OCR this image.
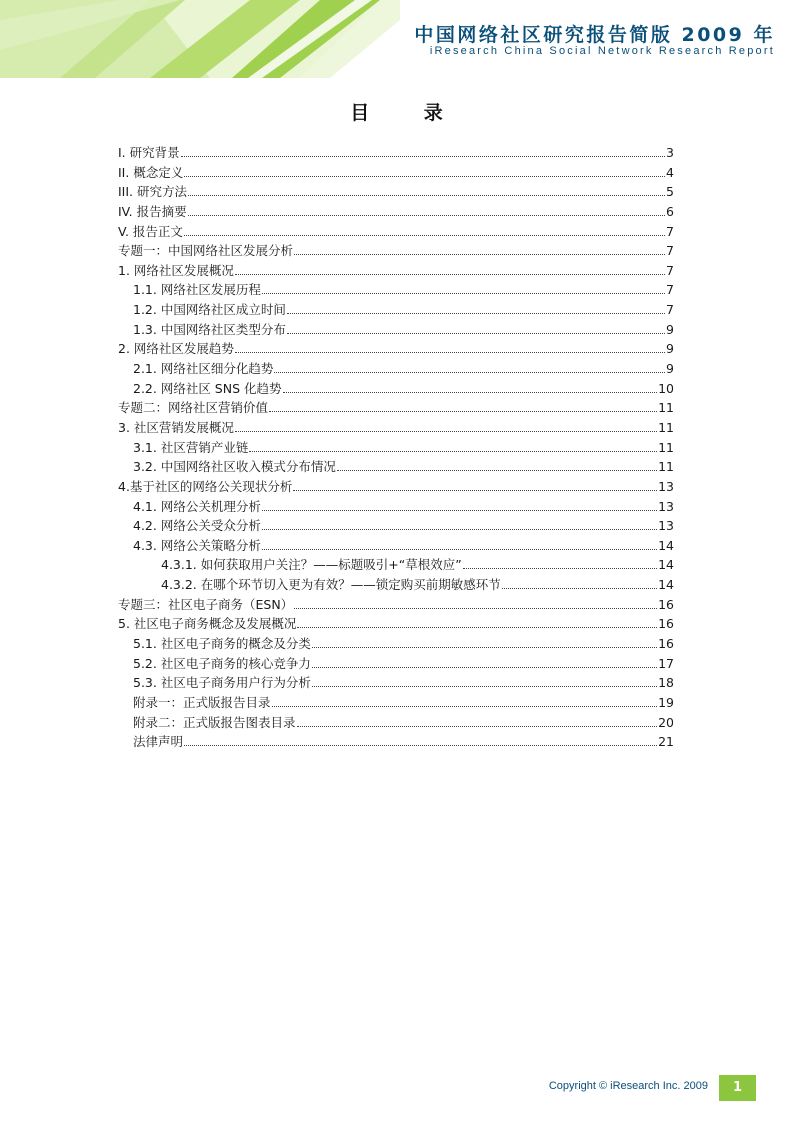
中国网络社区研究报告简版 2009 年
iResearch China Social Network Research Report
目 录
I. 研究背景	3
II. 概念定义	4
III. 研究方法	5
IV. 报告摘要	6
V. 报告正文	7
专题一：中国网络社区发展分析	7
1. 网络社区发展概况	7
1.1. 网络社区发展历程	7
1.2. 中国网络社区成立时间	7
1.3. 中国网络社区类型分布	9
2. 网络社区发展趋势	9
2.1. 网络社区细分化趋势	9
2.2. 网络社区 SNS 化趋势	10
专题二：网络社区营销价值	11
3. 社区营销发展概况	11
3.1. 社区营销产业链	11
3.2. 中国网络社区收入模式分布情况	11
4.基于社区的网络公关现状分析	13
4.1. 网络公关机理分析	13
4.2. 网络公关受众分析	13
4.3. 网络公关策略分析	14
4.3.1. 如何获取用户关注？——标题吸引+“草根效应”	14
4.3.2. 在哪个环节切入更为有效？——锁定购买前期敏感环节	14
专题三：社区电子商务（ESN）	16
5. 社区电子商务概念及发展概况	16
5.1. 社区电子商务的概念及分类	16
5.2. 社区电子商务的核心竞争力	17
5.3. 社区电子商务用户行为分析	18
附录一：正式版报告目录	19
附录二：正式版报告图表目录	20
法律声明	21
Copyright © iResearch Inc. 2009	1
